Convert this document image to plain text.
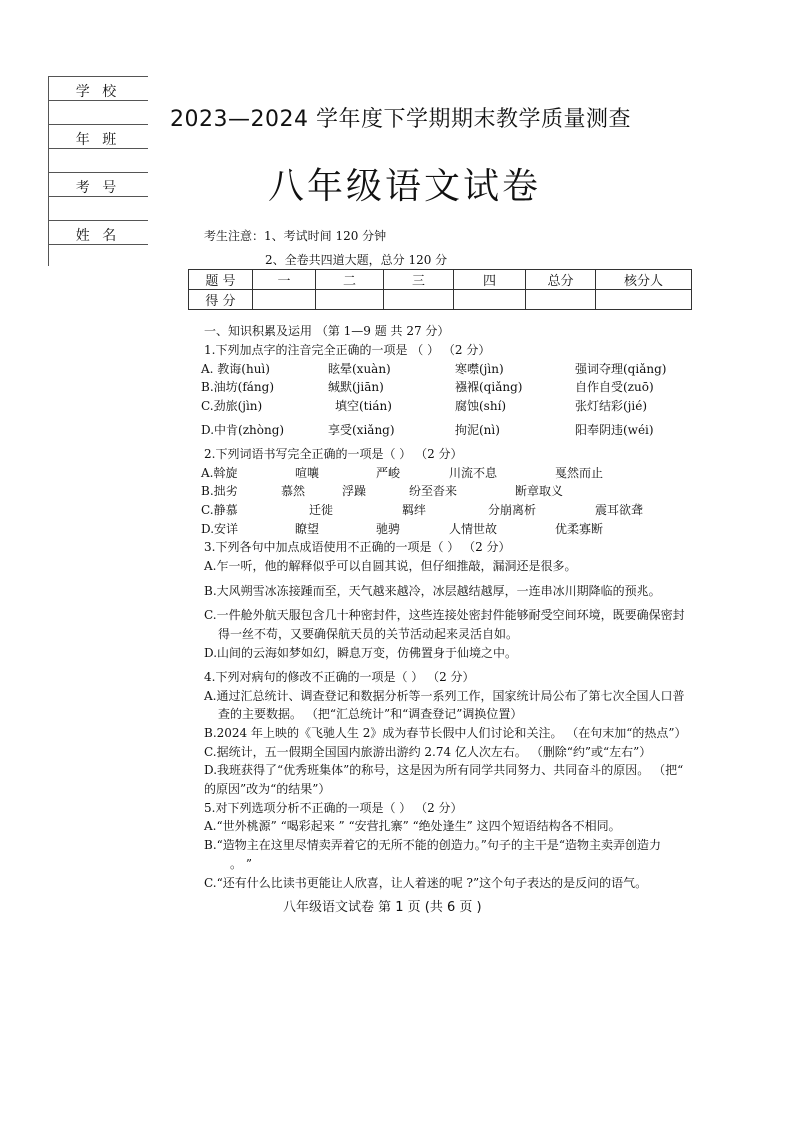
学 校
年 班
考 号
姓 名
2023—2024 学年度下学期期末教学质量测查
八年级语文试卷
考生注意：1、考试时间 120 分钟
2、全卷共四道大题，总分 120 分
题 号	一	二	三	四	总分	核分人
得 分						
一、知识积累及运用 （第 1—9 题 共 27 分）
1.下列加点字的注音完全正确的一项是 （ ） （2 分）
A. 教诲(huì)	眩晕(xuàn)	寒噤(jìn)	强词夺理(qiǎng)
B.油坊(fáng)	缄默(jiān)	襁褓(qiǎng)	自作自受(zuō)
C.劲旅(jìn)	填空(tián)	腐蚀(shí)	张灯结彩(jié)
D.中肯(zhòng)	享受(xiǎng)	拘泥(nì)	阳奉阴违(wéi)
2.下列词语书写完全正确的一项是（ ） （2 分）
A.斡旋	喧嚷	严峻	川流不息	戛然而止
B.拙劣	慕然	浮躁	纷至沓来	断章取义
C.静慕	迁徙	羁绊	分崩离析	震耳欲聋
D.安详	瞭望	驰骋	人情世故	优柔寡断
3.下列各句中加点成语使用不正确的一项是（ ） （2 分）
A.乍一听，他的解释似乎可以自圆其说，但仔细推敲，漏洞还是很多。
B.大风朔雪冰冻接踵而至，天气越来越冷，冰层越结越厚，一连串冰川期降临的预兆。
C.一件舱外航天服包含几十种密封件，这些连接处密封件能够耐受空间环境，既要确保密封
得一丝不苟，又要确保航天员的关节活动起来灵活自如。
D.山间的云海如梦如幻，瞬息万变，仿佛置身于仙境之中。
4.下列对病句的修改不正确的一项是（ ） （2 分）
A.通过汇总统计、调查登记和数据分析等一系列工作，国家统计局公布了第七次全国人口普
查的主要数据。 （把“汇总统计”和“调查登记”调换位置）
B.2024 年上映的《飞驰人生 2》成为春节长假中人们讨论和关注。 （在句末加“的热点”）
C.据统计，五一假期全国国内旅游出游约 2.74 亿人次左右。 （删除“约”或“左右”）
D.我班获得了“优秀班集体”的称号，这是因为所有同学共同努力、共同奋斗的原因。 （把“
的原因”改为“的结果”）
5.对下列选项分析不正确的一项是（ ） （2 分）
A.“世外桃源” “喝彩起来 ” “安营扎寨” “绝处逢生” 这四个短语结构各不相同。
B.“造物主在这里尽情卖弄着它的无所不能的创造力。”句子的主干是“造物主卖弄创造力
。 ”
C.“还有什么比读书更能让人欣喜，让人着迷的呢 ?”这个句子表达的是反问的语气。
八年级语文试卷 第 1 页 (共 6 页 )
